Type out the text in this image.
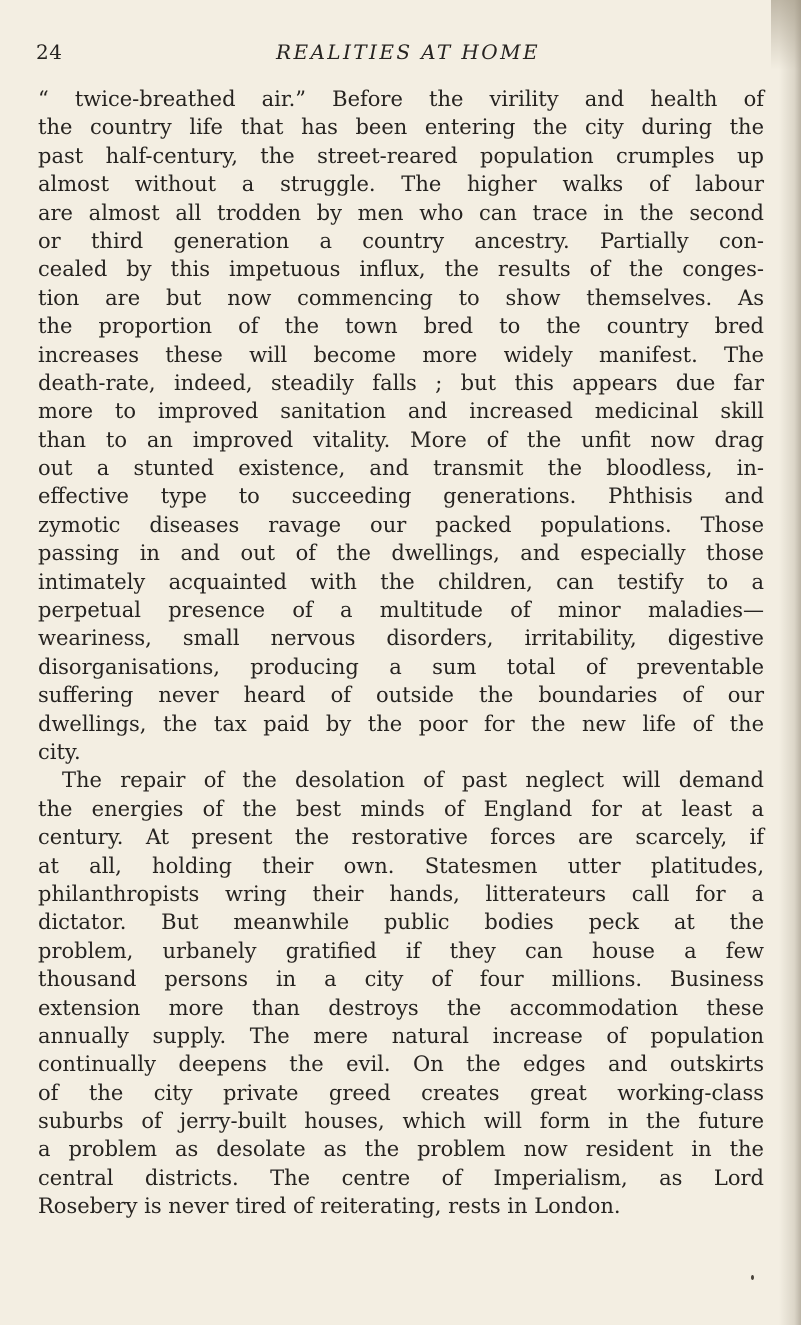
24	REALITIES AT HOME
“ twice-breathed air.” Before the virility and health of
the country life that has been entering the city during the
past half-century, the street-reared population crumples up
almost without a struggle. The higher walks of labour
are almost all trodden by men who can trace in the second
or third generation a country ancestry. Partially con-
cealed by this impetuous influx, the results of the conges-
tion are but now commencing to show themselves. As
the proportion of the town bred to the country bred
increases these will become more widely manifest. The
death-rate, indeed, steadily falls ; but this appears due far
more to improved sanitation and increased medicinal skill
than to an improved vitality. More of the unfit now drag
out a stunted existence, and transmit the bloodless, in-
effective type to succeeding generations. Phthisis and
zymotic diseases ravage our packed populations. Those
passing in and out of the dwellings, and especially those
intimately acquainted with the children, can testify to a
perpetual presence of a multitude of minor maladies—
weariness, small nervous disorders, irritability, digestive
disorganisations, producing a sum total of preventable
suffering never heard of outside the boundaries of our
dwellings, the tax paid by the poor for the new life of the
city.
The repair of the desolation of past neglect will demand
the energies of the best minds of England for at least a
century. At present the restorative forces are scarcely, if
at all, holding their own. Statesmen utter platitudes,
philanthropists wring their hands, litterateurs call for a
dictator. But meanwhile public bodies peck at the
problem, urbanely gratified if they can house a few
thousand persons in a city of four millions. Business
extension more than destroys the accommodation these
annually supply. The mere natural increase of population
continually deepens the evil. On the edges and outskirts
of the city private greed creates great working-class
suburbs of jerry-built houses, which will form in the future
a problem as desolate as the problem now resident in the
central districts. The centre of Imperialism, as Lord
Rosebery is never tired of reiterating, rests in London.
